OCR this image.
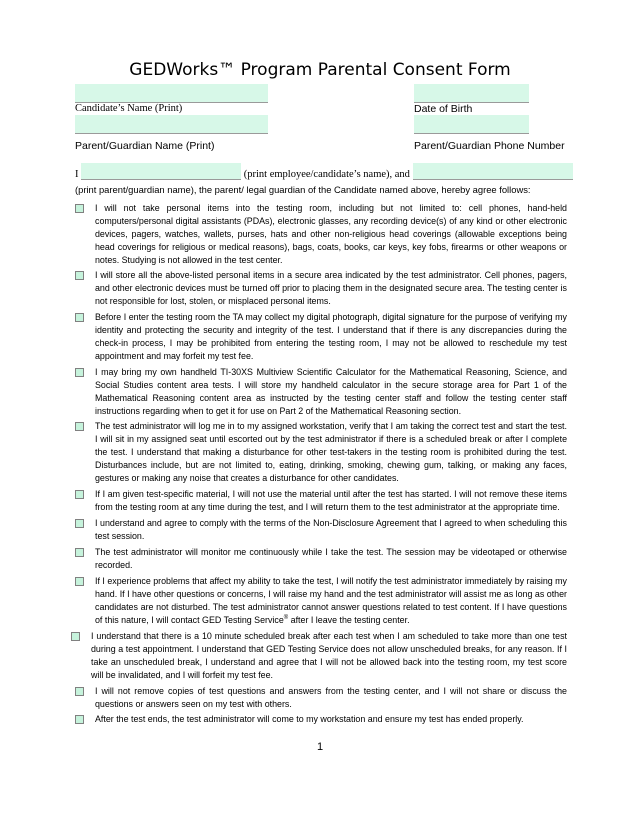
GEDWorks™ Program Parental Consent Form
Candidate’s Name (Print)	Date of Birth
Parent/Guardian Name (Print)	Parent/Guardian Phone Number
I	(print employee/candidate’s name), and
(print parent/guardian name), the parent/ legal guardian of the Candidate named above, hereby agree follows:

I will not take personal items into the testing room, including but not limited to: cell phones, hand-held computers/personal digital assistants (PDAs), electronic glasses, any recording device(s) of any kind or other electronic devices, pagers, watches, wallets, purses, hats and other non-religious head coverings (allowable exceptions being head coverings for religious or medical reasons), bags, coats, books, car keys, key fobs, firearms or other weapons or notes. Studying is not allowed in the test center.

I will store all the above-listed personal items in a secure area indicated by the test administrator. Cell phones, pagers, and other electronic devices must be turned off prior to placing them in the designated secure area. The testing center is not responsible for lost, stolen, or misplaced personal items.

Before I enter the testing room the TA may collect my digital photograph, digital signature for the purpose of verifying my identity and protecting the security and integrity of the test. I understand that if there is any discrepancies during the check-in process, I may be prohibited from entering the testing room, I may not be allowed to reschedule my test appointment and may forfeit my test fee.

I may bring my own handheld TI-30XS Multiview Scientific Calculator for the Mathematical Reasoning, Science, and Social Studies content area tests. I will store my handheld calculator in the secure storage area for Part 1 of the Mathematical Reasoning content area as instructed by the testing center staff and follow the testing center staff instructions regarding when to get it for use on Part 2 of the Mathematical Reasoning section.

The test administrator will log me in to my assigned workstation, verify that I am taking the correct test and start the test. I will sit in my assigned seat until escorted out by the test administrator if there is a scheduled break or after I complete the test. I understand that making a disturbance for other test-takers in the testing room is prohibited during the test. Disturbances include, but are not limited to, eating, drinking, smoking, chewing gum, talking, or making any faces, gestures or making any noise that creates a disturbance for other candidates.

If I am given test-specific material, I will not use the material until after the test has started. I will not remove these items from the testing room at any time during the test, and I will return them to the test administrator at the appropriate time.

I understand and agree to comply with the terms of the Non-Disclosure Agreement that I agreed to when scheduling this test session.

The test administrator will monitor me continuously while I take the test. The session may be videotaped or otherwise recorded.

If I experience problems that affect my ability to take the test, I will notify the test administrator immediately by raising my hand. If I have other questions or concerns, I will raise my hand and the test administrator will assist me as long as other candidates are not disturbed. The test administrator cannot answer questions related to test content. If I have questions of this nature, I will contact GED Testing Service® after I leave the testing center.

I understand that there is a 10 minute scheduled break after each test when I am scheduled to take more than one test during a test appointment. I understand that GED Testing Service does not allow unscheduled breaks, for any reason. If I take an unscheduled break, I understand and agree that I will not be allowed back into the testing room, my test score will be invalidated, and I will forfeit my test fee.

I will not remove copies of test questions and answers from the testing center, and I will not share or discuss the questions or answers seen on my test with others.

After the test ends, the test administrator will come to my workstation and ensure my test has ended properly.

1
